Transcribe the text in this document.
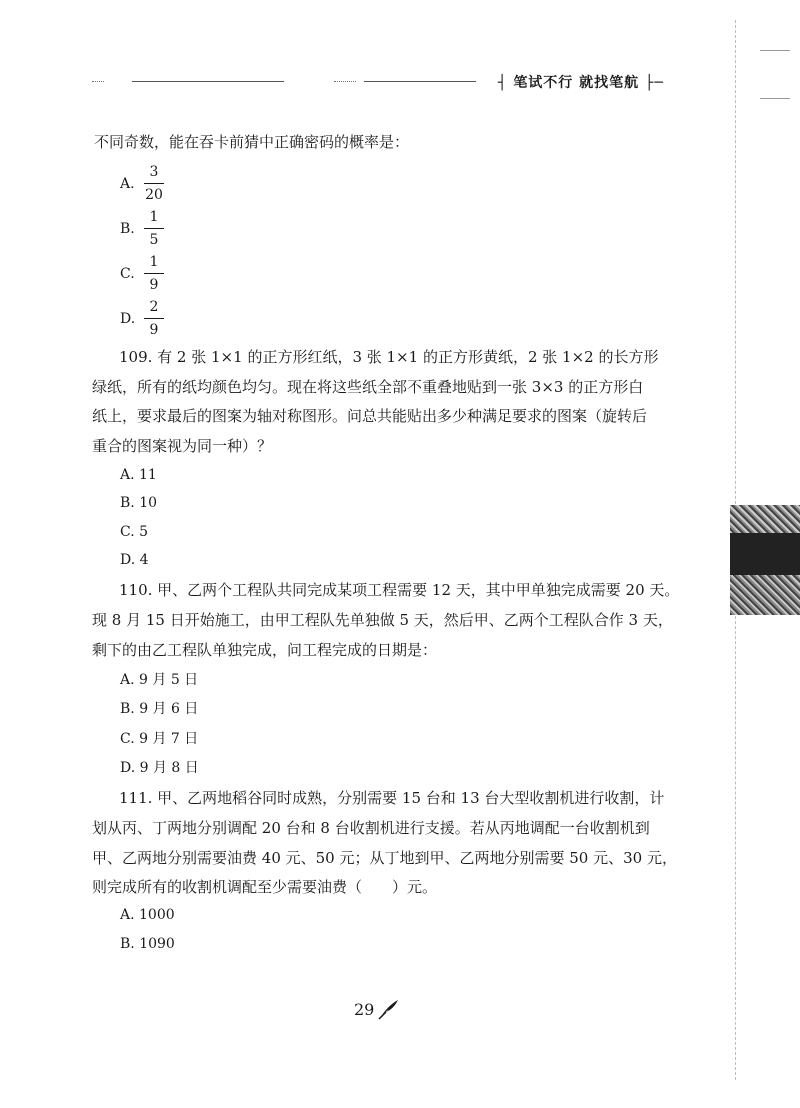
┤ 笔试不行 就找笔航 ├─
不同奇数，能在吞卡前猜中正确密码的概率是：
A.
3
20
B.
1
5
C.
1
9
D.
2
9
109. 有 2 张 1×1 的正方形红纸，3 张 1×1 的正方形黄纸，2 张 1×2 的长方形
绿纸，所有的纸均颜色均匀。现在将这些纸全部不重叠地贴到一张 3×3 的正方形白
纸上，要求最后的图案为轴对称图形。问总共能贴出多少种满足要求的图案（旋转后
重合的图案视为同一种）？
A. 11
B. 10
C. 5
D. 4
110. 甲、乙两个工程队共同完成某项工程需要 12 天，其中甲单独完成需要 20 天。
现 8 月 15 日开始施工，由甲工程队先单独做 5 天，然后甲、乙两个工程队合作 3 天，
剩下的由乙工程队单独完成，问工程完成的日期是：
A. 9 月 5 日
B. 9 月 6 日
C. 9 月 7 日
D. 9 月 8 日
111. 甲、乙两地稻谷同时成熟，分别需要 15 台和 13 台大型收割机进行收割，计
划从丙、丁两地分别调配 20 台和 8 台收割机进行支援。若从丙地调配一台收割机到
甲、乙两地分别需要油费 40 元、50 元；从丁地到甲、乙两地分别需要 50 元、30 元，
则完成所有的收割机调配至少需要油费（　　）元。
A. 1000
B. 1090
29
